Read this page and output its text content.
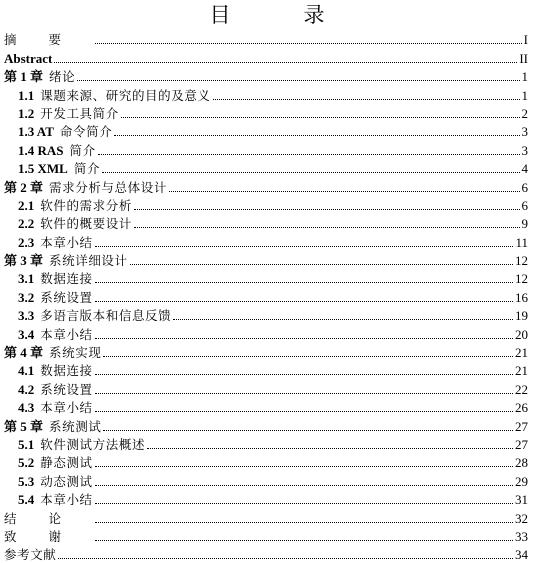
目　录
摘要	I
Abstract	II
第 1 章 绪论	1
1.1 课题来源、研究的目的及意义	1
1.2 开发工具简介	2
1.3 AT 命令简介	3
1.4 RAS 简介	3
1.5 XML 简介	4
第 2 章 需求分析与总体设计	6
2.1 软件的需求分析	6
2.2 软件的概要设计	9
2.3 本章小结	11
第 3 章 系统详细设计	12
3.1 数据连接	12
3.2 系统设置	16
3.3 多语言版本和信息反馈	19
3.4 本章小结	20
第 4 章 系统实现	21
4.1 数据连接	21
4.2 系统设置	22
4.3 本章小结	26
第 5 章 系统测试	27
5.1 软件测试方法概述	27
5.2 静态测试	28
5.3 动态测试	29
5.4 本章小结	31
结论	32
致谢	33
参考文献	34
